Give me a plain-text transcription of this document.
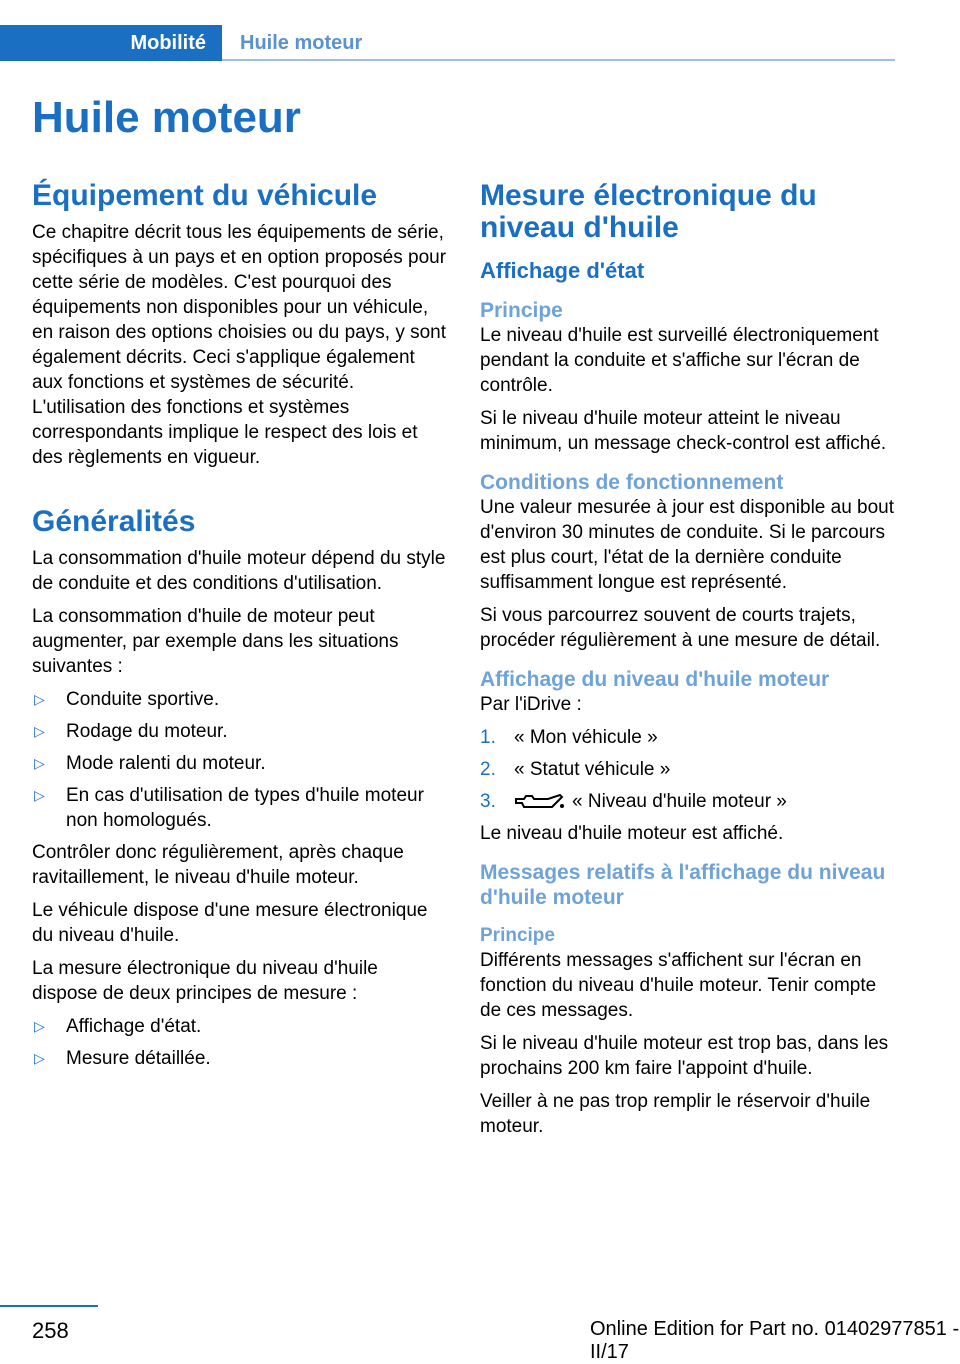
Mobilité	Huile moteur
Huile moteur
Équipement du véhicule

Ce chapitre décrit tous les équipements de série, spécifiques à un pays et en option proposés pour cette série de modèles. C'est pourquoi des équipements non disponibles pour un véhicule, en raison des options choisies ou du pays, y sont également décrits. Ceci s'applique également aux fonctions et systèmes de sécurité. L'utilisation des fonctions et systèmes correspondants implique le respect des lois et des règlements en vigueur.

Généralités

La consommation d'huile moteur dépend du style de conduite et des conditions d'utilisation.

La consommation d'huile de moteur peut augmenter, par exemple dans les situations suivantes :

▷ Conduite sportive.
▷ Rodage du moteur.
▷ Mode ralenti du moteur.
▷ En cas d'utilisation de types d'huile moteur non homologués.

Contrôler donc régulièrement, après chaque ravitaillement, le niveau d'huile moteur.

Le véhicule dispose d'une mesure électronique du niveau d'huile.

La mesure électronique du niveau d'huile dispose de deux principes de mesure :

▷ Affichage d'état.
▷ Mesure détaillée.
Mesure électronique du niveau d'huile
Affichage d'état
Principe

Le niveau d'huile est surveillé électroniquement pendant la conduite et s'affiche sur l'écran de contrôle.

Si le niveau d'huile moteur atteint le niveau minimum, un message check-control est affiché.

Conditions de fonctionnement

Une valeur mesurée à jour est disponible au bout d'environ 30 minutes de conduite. Si le parcours est plus court, l'état de la dernière conduite suffisamment longue est représenté.

Si vous parcourrez souvent de courts trajets, procéder régulièrement à une mesure de détail.

Affichage du niveau d'huile moteur

Par l'iDrive :

1. « Mon véhicule »
2. « Statut véhicule »
3.	« Niveau d'huile moteur »

Le niveau d'huile moteur est affiché.

Messages relatifs à l'affichage du niveau d'huile moteur
Principe

Différents messages s'affichent sur l'écran en fonction du niveau d'huile moteur. Tenir compte de ces messages.

Si le niveau d'huile moteur est trop bas, dans les prochains 200 km faire l'appoint d'huile.

Veiller à ne pas trop remplir le réservoir d'huile moteur.

258	Online Edition for Part no. 01402977851 - II/17
